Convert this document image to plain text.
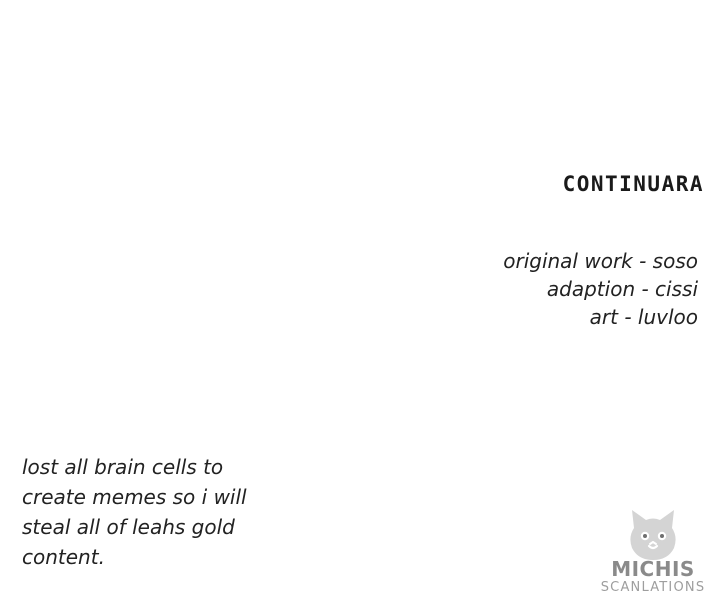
CONTINUARA
original work - soso
adaption - cissi
art - luvloo
lost all brain cells to
create memes so i will
steal all of leahs gold
content.	MICHIS
SCANLATIONS
